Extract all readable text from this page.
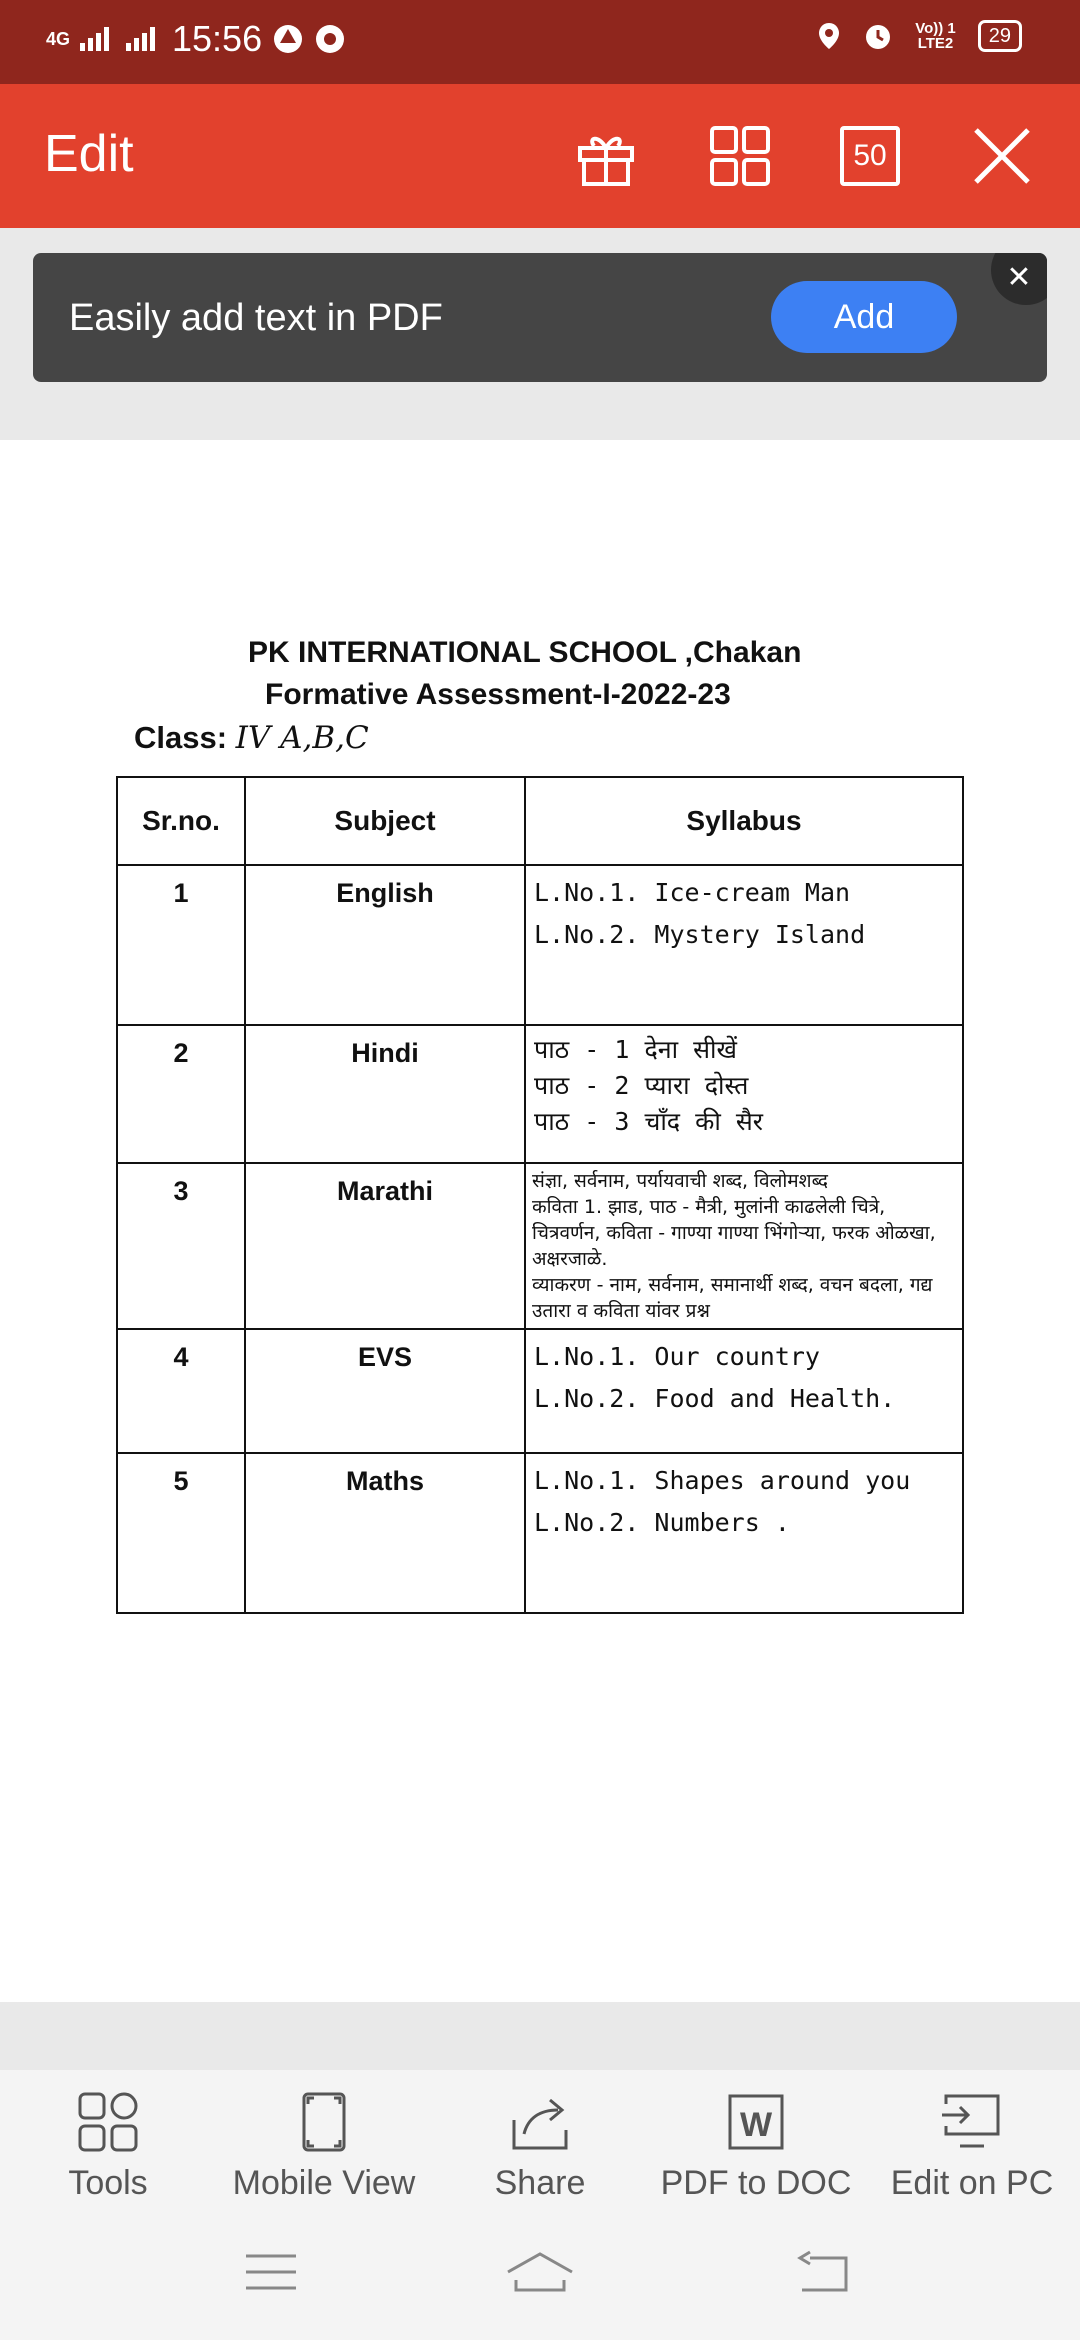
4G	15:56	Vo)) 1
LTE2	29
Edit	50
Easily add text in PDF	Add
✕
PK INTERNATIONAL SCHOOL ,Chakan
Formative Assessment-I-2022-23
Class: IV A,B,C
Sr.no.	Subject	Syllabus
1	English	L.No.1. Ice-cream Man
L.No.2. Mystery Island

2	Hindi	पाठ - 1 देना सीखें
पाठ - 2 प्यारा दोस्त
पाठ - 3 चाँद की सैर

3	Marathi	संज्ञा, सर्वनाम, पर्यायवाची शब्द, विलोमशब्द
कविता 1. झाड, पाठ - मैत्री, मुलांनी काढलेली चित्रे, चित्रवर्णन, कविता - गाण्या गाण्या भिंगोर्‍या, फरक ओळखा, अक्षरजाळे.
व्याकरण - नाम, सर्वनाम, समानार्थी शब्द, वचन बदला, गद्य उतारा व कविता यांवर प्रश्न

4	EVS	L.No.1. Our country
L.No.2. Food and Health.

5	Maths	L.No.1. Shapes around you
L.No.2. Numbers .
Tools	Mobile View	Share
W
PDF to DOC	Edit on PC
